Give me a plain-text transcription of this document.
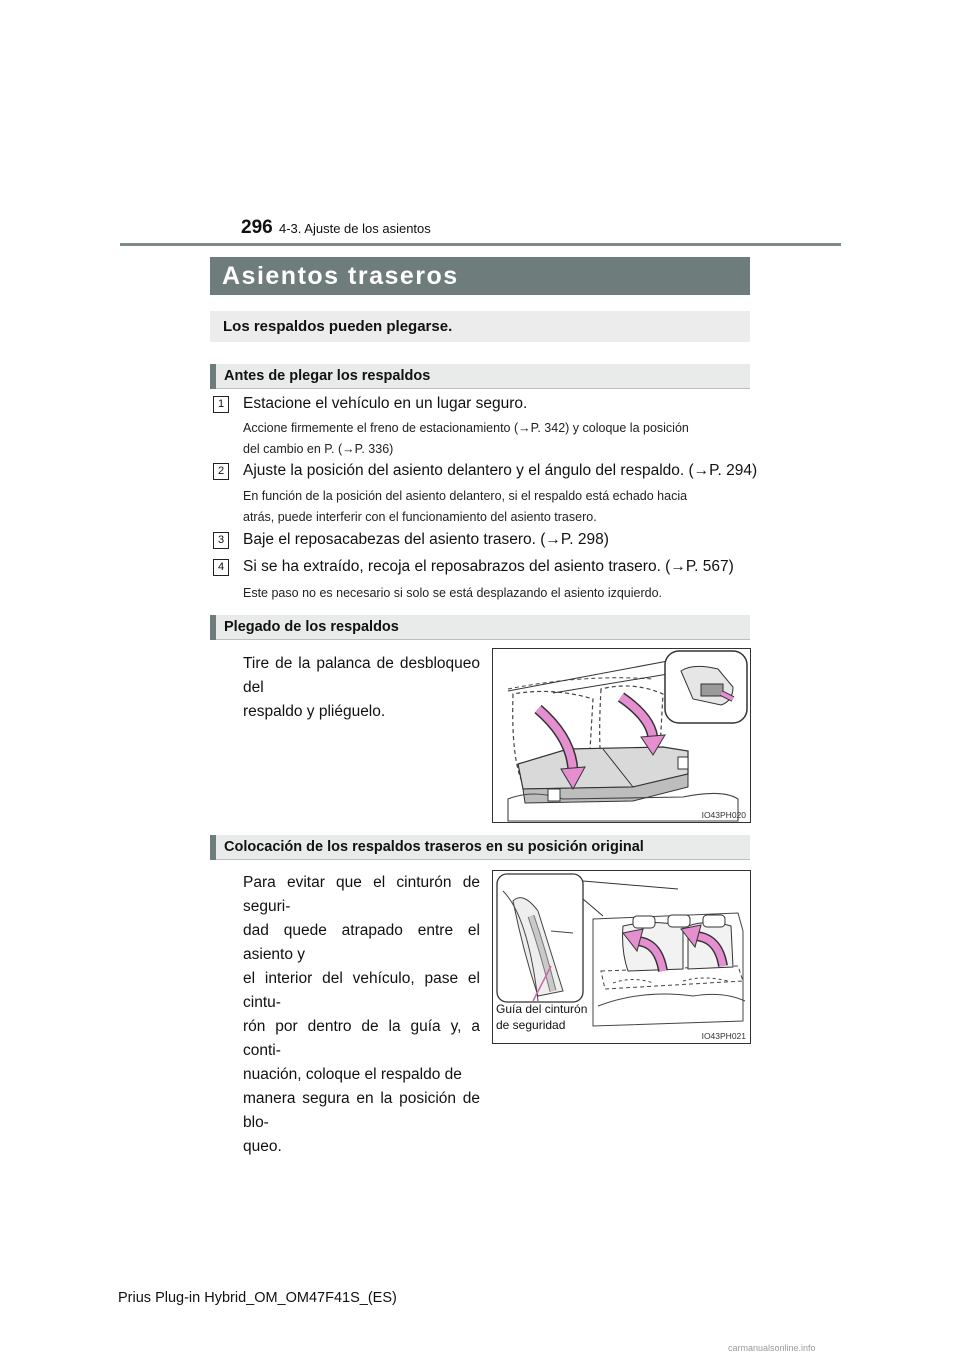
296 4-3. Ajuste de los asientos
Asientos traseros
Los respaldos pueden plegarse.
Antes de plegar los respaldos
1	Estacione el vehículo en un lugar seguro.
Accione firmemente el freno de estacionamiento (→P. 342) y coloque la posición
del cambio en P. (→P. 336)
2	Ajuste la posición del asiento delantero y el ángulo del respaldo. (→P. 294)
En función de la posición del asiento delantero, si el respaldo está echado hacia
atrás, puede interferir con el funcionamiento del asiento trasero.
3	Baje el reposacabezas del asiento trasero. (→P. 298)
4	Si se ha extraído, recoja el reposabrazos del asiento trasero. (→P. 567)
Este paso no es necesario si solo se está desplazando el asiento izquierdo.
Plegado de los respaldos
Tire de la palanca de desbloqueo del
respaldo y pliéguelo.
IO43PH020
Colocación de los respaldos traseros en su posición original
Para evitar que el cinturón de seguri-
dad quede atrapado entre el asiento y
el interior del vehículo, pase el cintu-
rón por dentro de la guía y, a conti-
nuación, coloque el respaldo de
manera segura en la posición de blo-
queo.
Guía del cinturón
de seguridad
IO43PH021
Prius Plug-in Hybrid_OM_OM47F41S_(ES)
carmanualsonline.info
